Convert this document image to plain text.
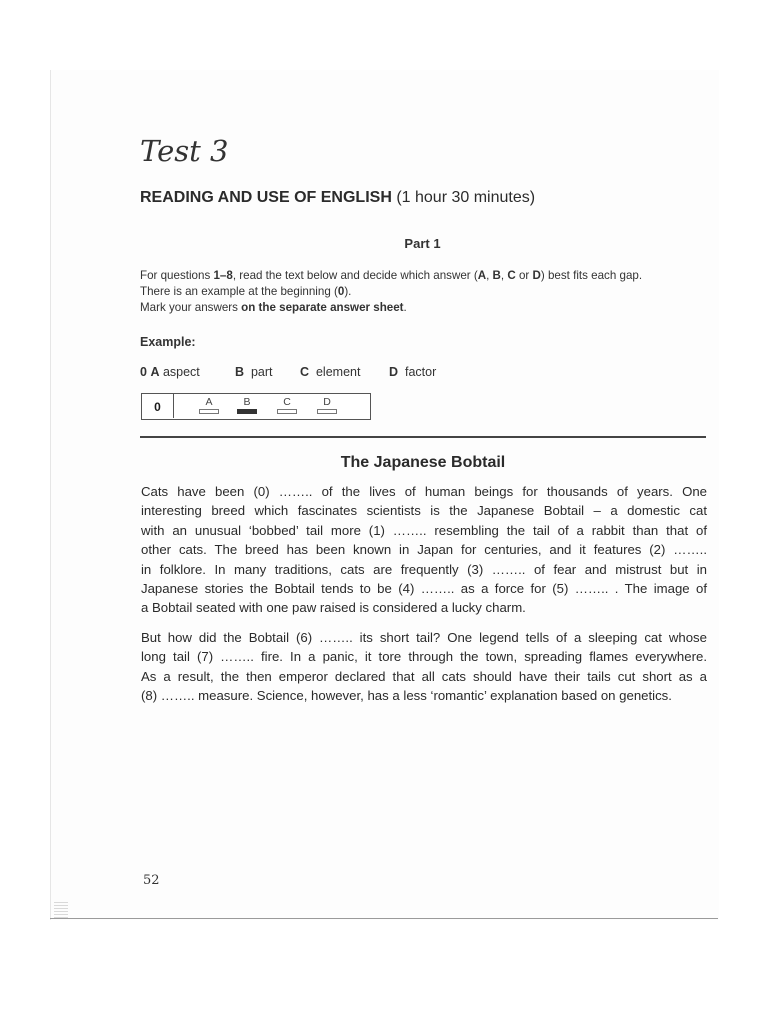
Test 3
READING AND USE OF ENGLISH (1 hour 30 minutes)
Part 1

For questions 1–8, read the text below and decide which answer (A, B, C or D) best fits each gap.

There is an example at the beginning (0).

Mark your answers on the separate answer sheet.

Example:
0 A aspect	B part C element D factor
0	A	B	C	D
The Japanese Bobtail
Cats have been (0) …….. of the lives of human beings for thousands of years. One
interesting breed which fascinates scientists is the Japanese Bobtail – a domestic cat
with an unusual ‘bobbed’ tail more (1) …….. resembling the tail of a rabbit than that of
other cats. The breed has been known in Japan for centuries, and it features (2) ……..
in folklore. In many traditions, cats are frequently (3) …….. of fear and mistrust but in
Japanese stories the Bobtail tends to be (4) …….. as a force for (5) …….. . The image of
a Bobtail seated with one paw raised is considered a lucky charm.
But how did the Bobtail (6) …….. its short tail? One legend tells of a sleeping cat whose
long tail (7) …….. fire. In a panic, it tore through the town, spreading flames everywhere.
As a result, the then emperor declared that all cats should have their tails cut short as a
(8) …….. measure. Science, however, has a less ‘romantic’ explanation based on genetics.
52
